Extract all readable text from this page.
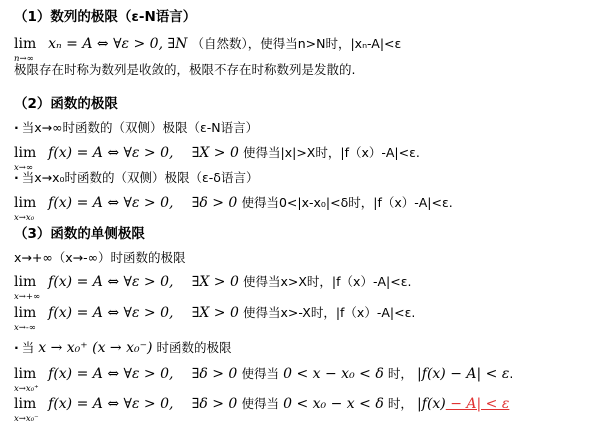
（1）数列的极限（ε-N语言）
lim
n→∞
xₙ = A ⇔ ∀ε > 0, ∃N （自然数），使得当n>N时，|xₙ-A|<ε
极限存在时称为数列是收敛的，极限不存在时称数列是发散的.
（2）函数的极限
· 当x→∞时函数的（双侧）极限（ε-N语言）
lim
x→∞
f(x) = A ⇔ ∀ε > 0, ∃X > 0 使得当|x|>X时，|f（x）-A|<ε.
· 当x→x₀时函数的（双侧）极限（ε-δ语言）
lim
x→x₀
f(x) = A ⇔ ∀ε > 0, ∃δ > 0 使得当0<|x-x₀|<δ时，|f（x）-A|<ε.
（3）函数的单侧极限
x→+∞（x→-∞）时函数的极限
lim
x→+∞
f(x) = A ⇔ ∀ε > 0, ∃X > 0 使得当x>X时，|f（x）-A|<ε.
lim
x→-∞
f(x) = A ⇔ ∀ε > 0, ∃X > 0 使得当x>-X时，|f（x）-A|<ε.
· 当 x → x₀⁺ (x → x₀⁻) 时函数的极限
lim
x→x₀⁺
f(x) = A ⇔ ∀ε > 0, ∃δ > 0 使得当 0 < x − x₀ < δ 时， |f(x) − A| < ε.
lim
x→x₀⁻
f(x) = A ⇔ ∀ε > 0, ∃δ > 0 使得当 0 < x₀ − x < δ 时， |f(x) − A| < ε
